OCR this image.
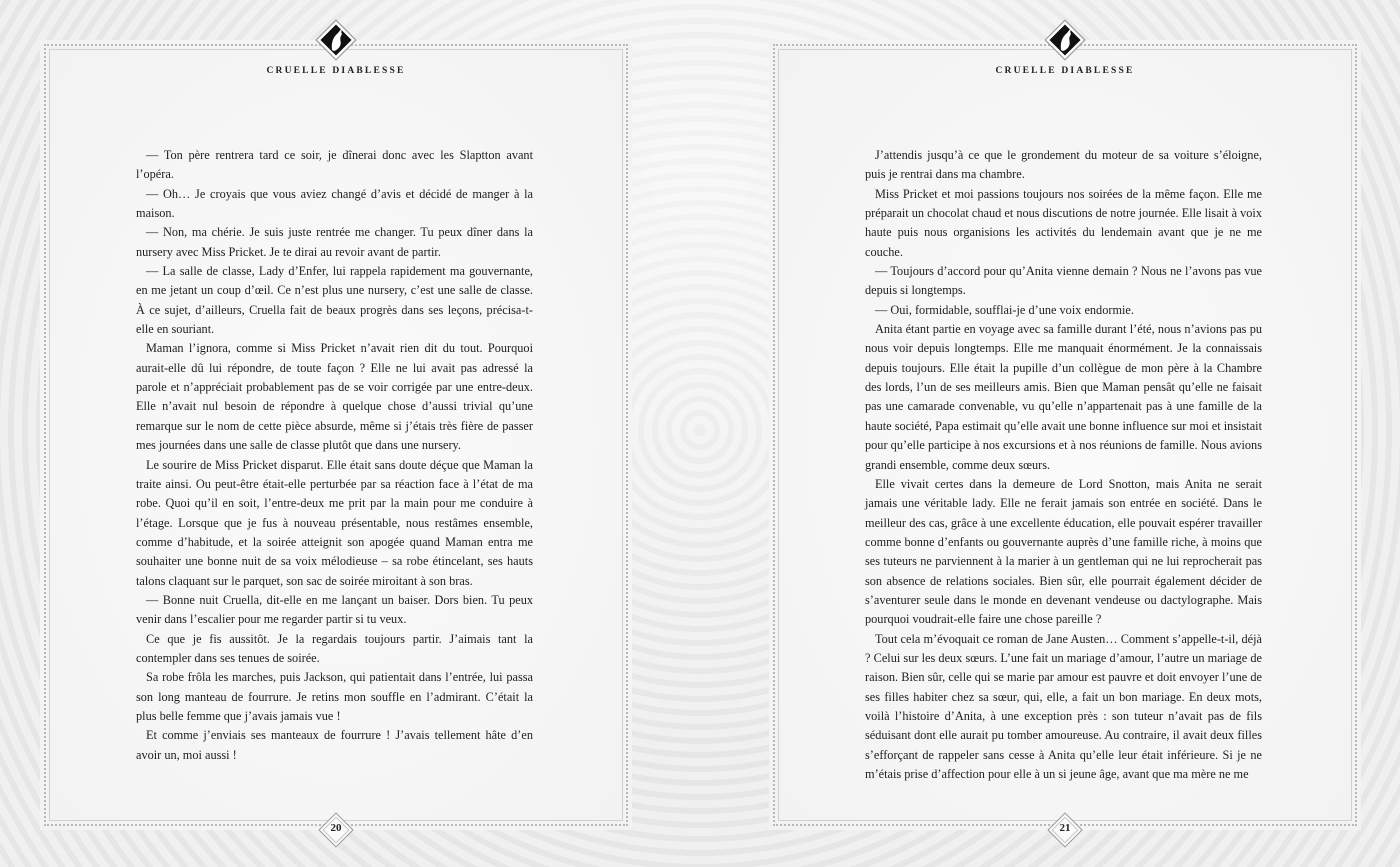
CRUELLE DIABLESSE

— Ton père rentrera tard ce soir, je dînerai donc avec les Slaptton avant l’opéra.

— Oh… Je croyais que vous aviez changé d’avis et décidé de manger à la maison.

— Non, ma chérie. Je suis juste rentrée me changer. Tu peux dîner dans la nursery avec Miss Pricket. Je te dirai au revoir avant de partir.

— La salle de classe, Lady d’Enfer, lui rappela rapidement ma gouvernante, en me jetant un coup d’œil. Ce n’est plus une nursery, c’est une salle de classe. À ce sujet, d’ailleurs, Cruella fait de beaux progrès dans ses leçons, précisa-t-elle en souriant.

Maman l’ignora, comme si Miss Pricket n’avait rien dit du tout. Pourquoi aurait-elle dû lui répondre, de toute façon ? Elle ne lui avait pas adressé la parole et n’appréciait probablement pas de se voir corrigée par une entre-deux. Elle n’avait nul besoin de répondre à quelque chose d’aussi trivial qu’une remarque sur le nom de cette pièce absurde, même si j’étais très fière de passer mes journées dans une salle de classe plutôt que dans une nursery.

Le sourire de Miss Pricket disparut. Elle était sans doute déçue que Maman la traite ainsi. Ou peut-être était-elle perturbée par sa réaction face à l’état de ma robe. Quoi qu’il en soit, l’entre-deux me prit par la main pour me conduire à l’étage. Lorsque que je fus à nouveau présentable, nous restâmes ensemble, comme d’habitude, et la soirée atteignit son apogée quand Maman entra me souhaiter une bonne nuit de sa voix mélodieuse – sa robe étincelant, ses hauts talons claquant sur le parquet, son sac de soirée miroitant à son bras.

— Bonne nuit Cruella, dit-elle en me lançant un baiser. Dors bien. Tu peux venir dans l’escalier pour me regarder partir si tu veux.

Ce que je fis aussitôt. Je la regardais toujours partir. J’aimais tant la contempler dans ses tenues de soirée.

Sa robe frôla les marches, puis Jackson, qui patientait dans l’entrée, lui passa son long manteau de fourrure. Je retins mon souffle en l’admirant. C’était la plus belle femme que j’avais jamais vue !

Et comme j’enviais ses manteaux de fourrure ! J’avais tellement hâte d’en avoir un, moi aussi !

20
CRUELLE DIABLESSE

J’attendis jusqu’à ce que le grondement du moteur de sa voiture s’éloigne, puis je rentrai dans ma chambre.

Miss Pricket et moi passions toujours nos soirées de la même façon. Elle me préparait un chocolat chaud et nous discutions de notre journée. Elle lisait à voix haute puis nous organisions les activités du lendemain avant que je ne me couche.

— Toujours d’accord pour qu’Anita vienne demain ? Nous ne l’avons pas vue depuis si longtemps.

— Oui, formidable, soufflai-je d’une voix endormie.

Anita étant partie en voyage avec sa famille durant l’été, nous n’avions pas pu nous voir depuis longtemps. Elle me manquait énormément. Je la connaissais depuis toujours. Elle était la pupille d’un collègue de mon père à la Chambre des lords, l’un de ses meilleurs amis. Bien que Maman pensât qu’elle ne faisait pas une camarade convenable, vu qu’elle n’appartenait pas à une famille de la haute société, Papa estimait qu’elle avait une bonne influence sur moi et insistait pour qu’elle participe à nos excursions et à nos réunions de famille. Nous avions grandi ensemble, comme deux sœurs.

Elle vivait certes dans la demeure de Lord Snotton, mais Anita ne serait jamais une véritable lady. Elle ne ferait jamais son entrée en société. Dans le meilleur des cas, grâce à une excellente éducation, elle pouvait espérer travailler comme bonne d’enfants ou gouvernante auprès d’une famille riche, à moins que ses tuteurs ne parviennent à la marier à un gentleman qui ne lui reprocherait pas son absence de relations sociales. Bien sûr, elle pourrait également décider de s’aventurer seule dans le monde en devenant vendeuse ou dactylographe. Mais pourquoi voudrait-elle faire une chose pareille ?

Tout cela m’évoquait ce roman de Jane Austen… Comment s’appelle-t-il, déjà ? Celui sur les deux sœurs. L’une fait un mariage d’amour, l’autre un mariage de raison. Bien sûr, celle qui se marie par amour est pauvre et doit envoyer l’une de ses filles habiter chez sa sœur, qui, elle, a fait un bon mariage. En deux mots, voilà l’histoire d’Anita, à une exception près : son tuteur n’avait pas de fils séduisant dont elle aurait pu tomber amoureuse. Au contraire, il avait deux filles s’efforçant de rappeler sans cesse à Anita qu’elle leur était inférieure. Si je ne m’étais prise d’affection pour elle à un si jeune âge, avant que ma mère ne me

21
